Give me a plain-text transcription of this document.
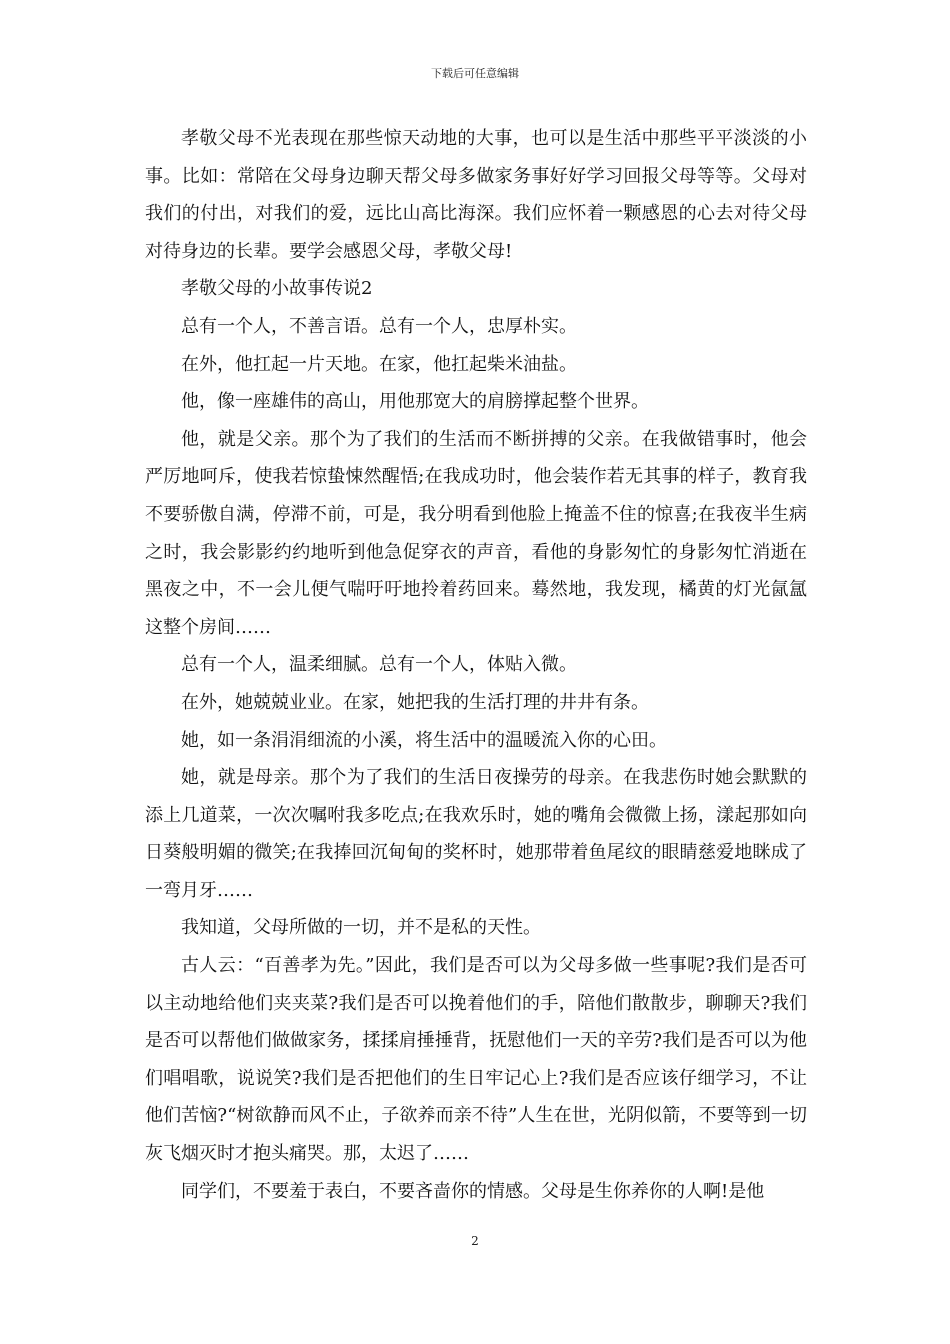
下载后可任意编辑

孝敬父母不光表现在那些惊天动地的大事，也可以是生活中那些平平淡淡的小事。比如：常陪在父母身边聊天帮父母多做家务事好好学习回报父母等等。父母对我们的付出，对我们的爱，远比山高比海深。我们应怀着一颗感恩的心去对待父母对待身边的长辈。要学会感恩父母，孝敬父母!

孝敬父母的小故事传说2

总有一个人，不善言语。总有一个人，忠厚朴实。

在外，他扛起一片天地。在家，他扛起柴米油盐。

他，像一座雄伟的高山，用他那宽大的肩膀撑起整个世界。

他，就是父亲。那个为了我们的生活而不断拼搏的父亲。在我做错事时，他会严厉地呵斥，使我若惊蛰悚然醒悟;在我成功时，他会装作若无其事的样子，教育我不要骄傲自满，停滞不前，可是，我分明看到他脸上掩盖不住的惊喜;在我夜半生病之时，我会影影约约地听到他急促穿衣的声音，看他的身影匆忙的身影匆忙消逝在黑夜之中，不一会儿便气喘吁吁地拎着药回来。蓦然地，我发现，橘黄的灯光氤氲这整个房间……

总有一个人，温柔细腻。总有一个人，体贴入微。

在外，她兢兢业业。在家，她把我的生活打理的井井有条。

她，如一条涓涓细流的小溪，将生活中的温暖流入你的心田。

她，就是母亲。那个为了我们的生活日夜操劳的母亲。在我悲伤时她会默默的添上几道菜，一次次嘱咐我多吃点;在我欢乐时，她的嘴角会微微上扬，漾起那如向日葵般明媚的微笑;在我捧回沉甸甸的奖杯时，她那带着鱼尾纹的眼睛慈爱地眯成了一弯月牙……

我知道，父母所做的一切，并不是私的天性。

古人云：“百善孝为先。”因此，我们是否可以为父母多做一些事呢?我们是否可以主动地给他们夹夹菜?我们是否可以挽着他们的手，陪他们散散步，聊聊天?我们是否可以帮他们做做家务，揉揉肩捶捶背，抚慰他们一天的辛劳?我们是否可以为他们唱唱歌，说说笑?我们是否把他们的生日牢记心上?我们是否应该仔细学习，不让他们苦恼?“树欲静而风不止，子欲养而亲不待”人生在世，光阴似箭，不要等到一切灰飞烟灭时才抱头痛哭。那，太迟了……

同学们，不要羞于表白，不要吝啬你的情感。父母是生你养你的人啊!是他

2
